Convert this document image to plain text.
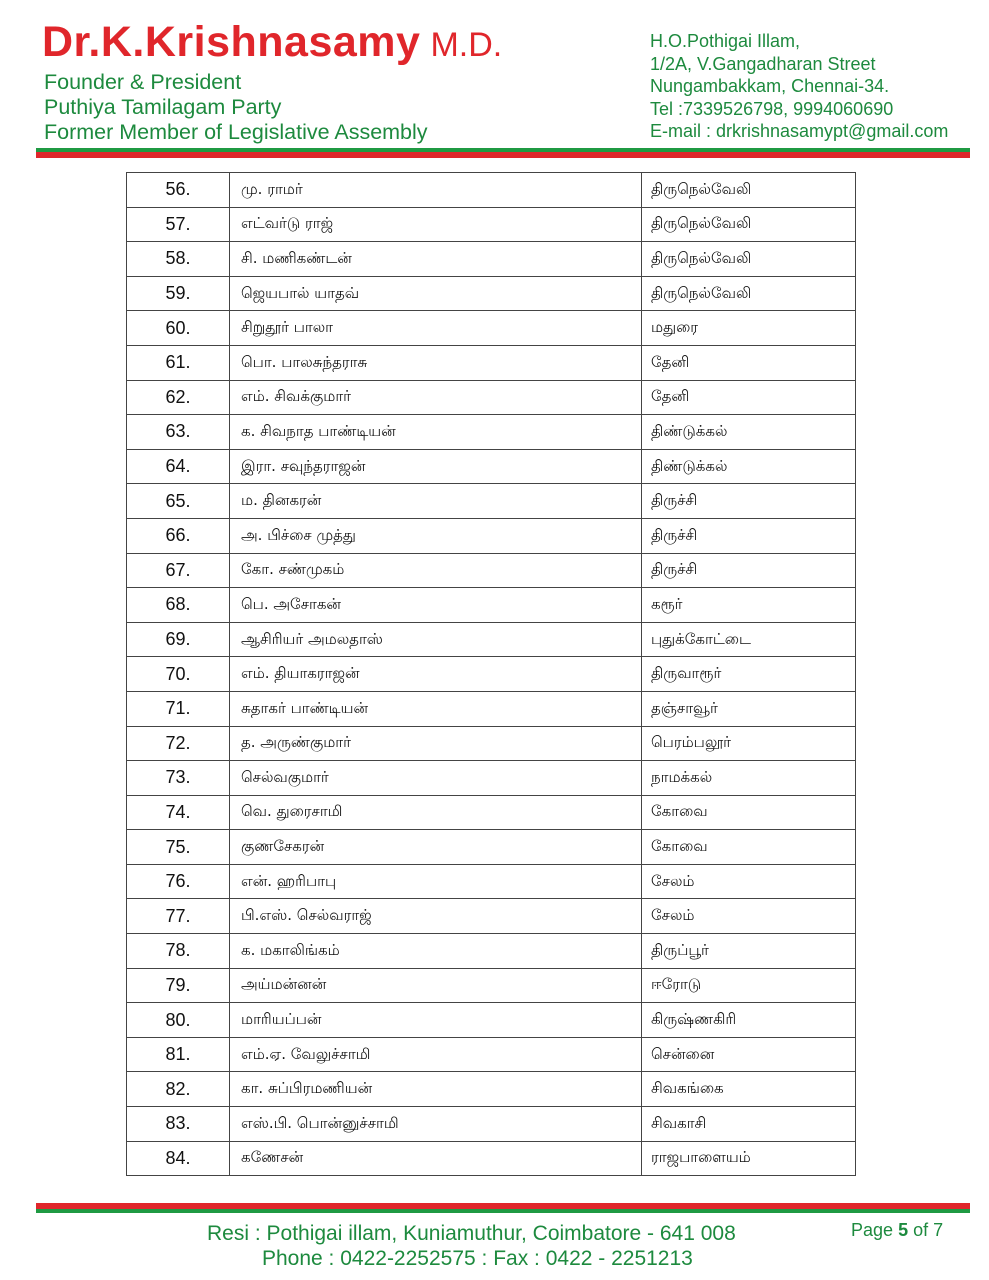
Dr.K.Krishnasamy M.D.
Founder & President
Puthiya Tamilagam Party
Former Member of Legislative Assembly
H.O.Pothigai Illam,
1/2A, V.Gangadharan Street
Nungambakkam, Chennai-34.
Tel :7339526798, 9994060690
E-mail : drkrishnasamypt@gmail.com
56.	மு. ராமர்	திருநெல்வேலி
57.	எட்வர்டு ராஜ்	திருநெல்வேலி
58.	சி. மணிகண்டன்	திருநெல்வேலி
59.	ஜெயபால் யாதவ்	திருநெல்வேலி
60.	சிறுதூர் பாலா	மதுரை
61.	பொ. பாலசுந்தராசு	தேனி
62.	எம். சிவக்குமார்	தேனி
63.	க. சிவநாத பாண்டியன்	திண்டுக்கல்
64.	இரா. சவுந்தராஜன்	திண்டுக்கல்
65.	ம. தினகரன்	திருச்சி
66.	அ. பிச்சை முத்து	திருச்சி
67.	கோ. சண்முகம்	திருச்சி
68.	பெ. அசோகன்	கரூர்
69.	ஆசிரியர் அமலதாஸ்	புதுக்கோட்டை
70.	எம். தியாகராஜன்	திருவாரூர்
71.	சுதாகர் பாண்டியன்	தஞ்சாவூர்
72.	த. அருண்குமார்	பெரம்பலூர்
73.	செல்வகுமார்	நாமக்கல்
74.	வெ. துரைசாமி	கோவை
75.	குணசேகரன்	கோவை
76.	என். ஹரிபாபு	சேலம்
77.	பி.எஸ். செல்வராஜ்	சேலம்
78.	க. மகாலிங்கம்	திருப்பூர்
79.	அய்மன்னன்	ஈரோடு
80.	மாரியப்பன்	கிருஷ்ணகிரி
81.	எம்.ஏ. வேலுச்சாமி	சென்னை
82.	கா. சுப்பிரமணியன்	சிவகங்கை
83.	எஸ்.பி. பொன்னுச்சாமி	சிவகாசி
84.	கணேசன்	ராஜபாளையம்
Resi : Pothigai illam, Kuniamuthur, Coimbatore - 641 008
Phone : 0422-2252575 : Fax : 0422 - 2251213
Page 5 of 7
